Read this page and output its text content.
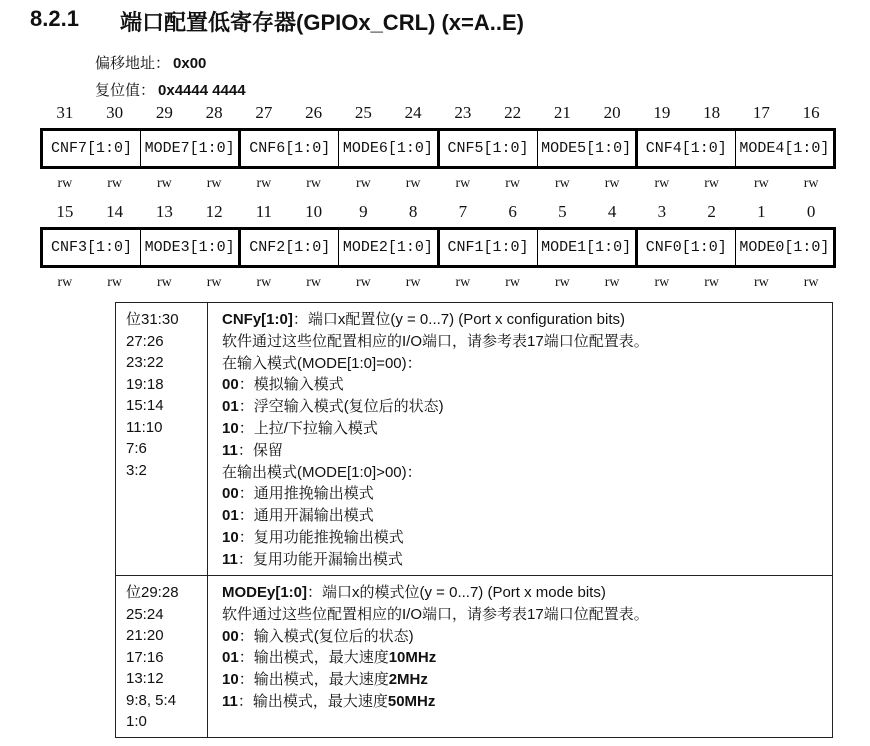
8.2.1	端口配置低寄存器(GPIOx_CRL) (x=A..E)
偏移地址： 0x00
复位值： 0x4444 4444
31	30	29	28	27	26	25	24	23	22	21	20	19	18	17	16
CNF7[1:0] MODE7[1:0] CNF6[1:0] MODE6[1:0] CNF5[1:0] MODE5[1:0] CNF4[1:0] MODE4[1:0]
rw	rw	rw	rw	rw	rw	rw	rw	rw	rw	rw	rw	rw	rw	rw	rw
15	14	13	12	11	10	9	8	7	6	5	4	3	2	1	0
CNF3[1:0] MODE3[1:0] CNF2[1:0] MODE2[1:0] CNF1[1:0] MODE1[1:0] CNF0[1:0] MODE0[1:0]
rw	rw	rw	rw	rw	rw	rw	rw	rw	rw	rw	rw	rw	rw	rw	rw
位31:30
27:26
23:22
19:18
15:14
11:10
7:6
3:2
CNFy[1:0]：端口x配置位(y = 0...7) (Port x configuration bits)
软件通过这些位配置相应的I/O端口，请参考表17端口位配置表。
在输入模式(MODE[1:0]=00)：
00：模拟输入模式
01：浮空输入模式(复位后的状态)
10：上拉/下拉输入模式
11：保留
在输出模式(MODE[1:0]>00)：
00：通用推挽输出模式
01：通用开漏输出模式
10：复用功能推挽输出模式
11：复用功能开漏输出模式
位29:28
25:24
21:20
17:16
13:12
9:8, 5:4
1:0
MODEy[1:0]：端口x的模式位(y = 0...7) (Port x mode bits)
软件通过这些位配置相应的I/O端口，请参考表17端口位配置表。
00：输入模式(复位后的状态)
01：输出模式，最大速度10MHz
10：输出模式，最大速度2MHz
11：输出模式，最大速度50MHz
